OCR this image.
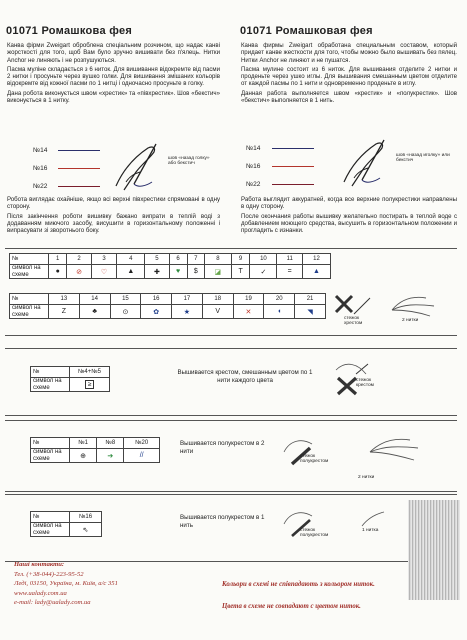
01071 Ромашкова фея

Канва фірми Zweigart оброблена спеціальним розчином, що надає канві жорсткості для того, щоб Вам було зручно вишивати без п'ялець. Нитки Anchor не линяють і не розпушуються.

Пасма муліне складається з 6 ниток. Для вишивання відокремте від пасми 2 нитки і просуньте через вушко голки. Для вишивання змішаних кольорів відокремте від кожної пасми по 1 нитці і одночасно просуньте в голку.

Дана робота виконується швом «хрестик» та «півхрестик». Шов «бекстич» виконується в 1 нитку.

№14
№16
№22
шов «назад голку» або бекстич

Робота виглядає охайніше, якщо всі верхні півхрестики спрямовані в одну сторону.

Після закінчення роботи вишивку бажано випрати в теплій воді з додаванням миючого засобу, висушити в горизонтальному положенні і випрасувати зі зворотнього боку.

01071 Ромашковая фея

Канва фирмы Zweigart обработана специальным составом, который придает канве жесткости для того, чтобы можно было вышивать без пялец. Нитки Anchor не линяют и не пушатся.

Пасма мулине состоит из 6 ниток. Для вышивания отделите 2 нитки и проденьте через ушко иглы. Для вышивания смешанным цветом отделите от каждой пасмы по 1 нити и одновременно проденьте в иглу.

Данная работа выполняется швом «крестик» и «полукрестик». Шов «бекстич» выполняется в 1 нить.

№14
№16
№22
шов «назад иголку» или бекстич

Работа выглядит аккуратней, когда все верхние полукрестики направлены в одну сторону.

После окончания работы вышивку желательно постирать в теплой воде с добавлением моющего средства, высушить в горизонтальном положении и прогладить с изнанки.

№	1	2	3	4	5	6	7	8	9	10	11	12
символ на схеме	●	⊘	♡	▲	✚	♥	$	◪	T	✓	=	▲
№	13	14	15	16	17	18	19	20	21
символ на схеме	Z	♣	⊙	✿	★	V	✕	◖	◥
стежок хрестом
2 нитки
№	№4+№5
символ на схеме	≥
Вышивается крестом, смешанным цветом по 1 нити каждого цвета	стежок крестом
№	№1	№8	№20
символ на схеме	⊕	➔	//
Вышивается полукрестом в 2 нити
стежок полукрестом
2 нитки
№	№16
символ на схеме	⇖
Вышивается полукрестом в 1 нить
стежок полукрестом
1 нитка
Наші контакти:
Тел. (+38-044)-223-95-52
Леді, 03150, Україна, м. Київ, а/с 351
www.ualady.com.ua
e-mail: lady@ualady.com.ua
Кольори в схемі не співпадають з кольором ниток.
Цвета в схеме не совпадают с цветом ниток.
